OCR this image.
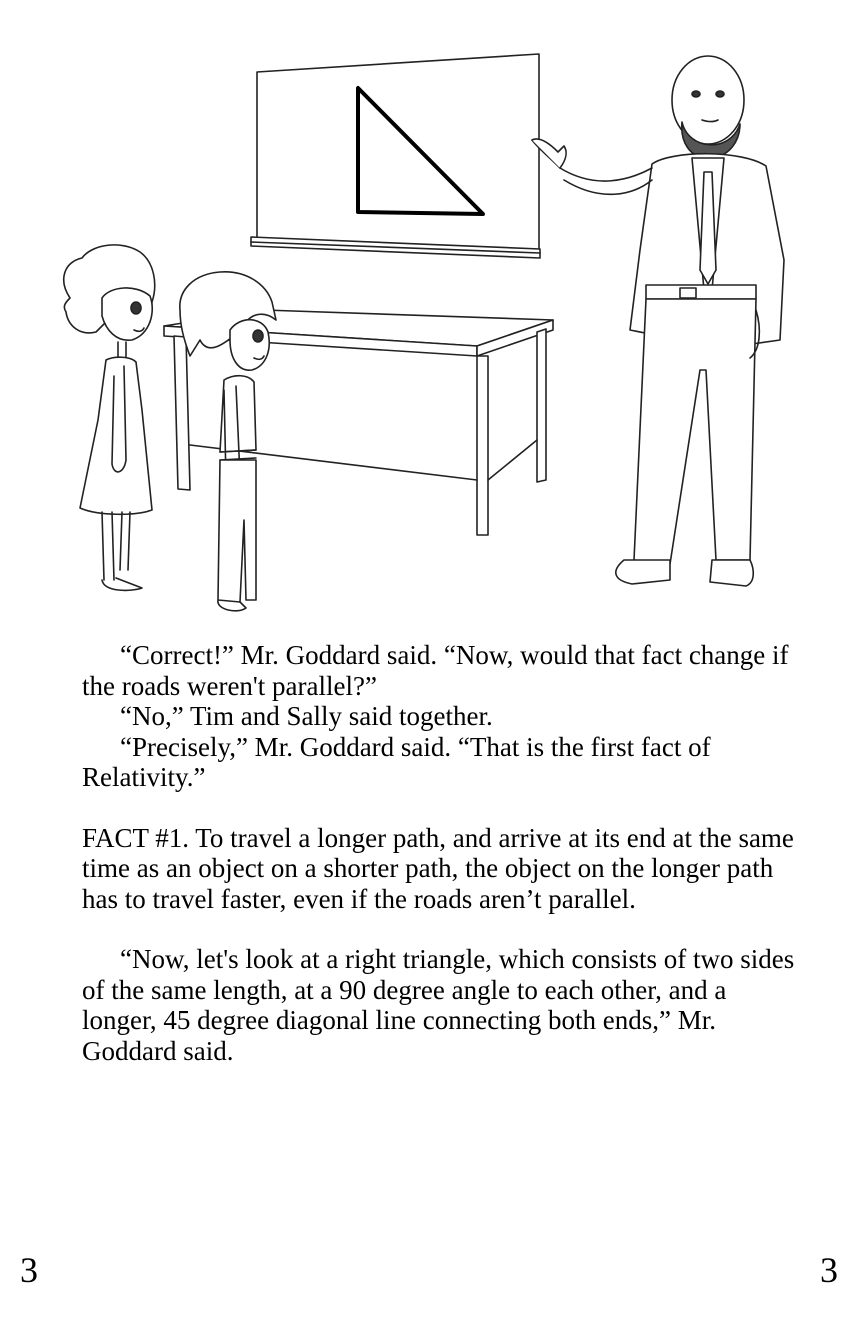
“Correct!” Mr. Goddard said. “Now, would that fact change if the roads weren't parallel?”

“No,” Tim and Sally said together.

“Precisely,” Mr. Goddard said. “That is the first fact of Relativity.”

FACT #1. To travel a longer path, and arrive at its end at the same time as an object on a shorter path, the object on the longer path has to travel faster, even if the roads aren’t parallel.

“Now, let's look at a right triangle, which consists of two sides of the same length, at a 90 degree angle to each other, and a longer, 45 degree diagonal line connecting both ends,” Mr. Goddard said.

3	3
